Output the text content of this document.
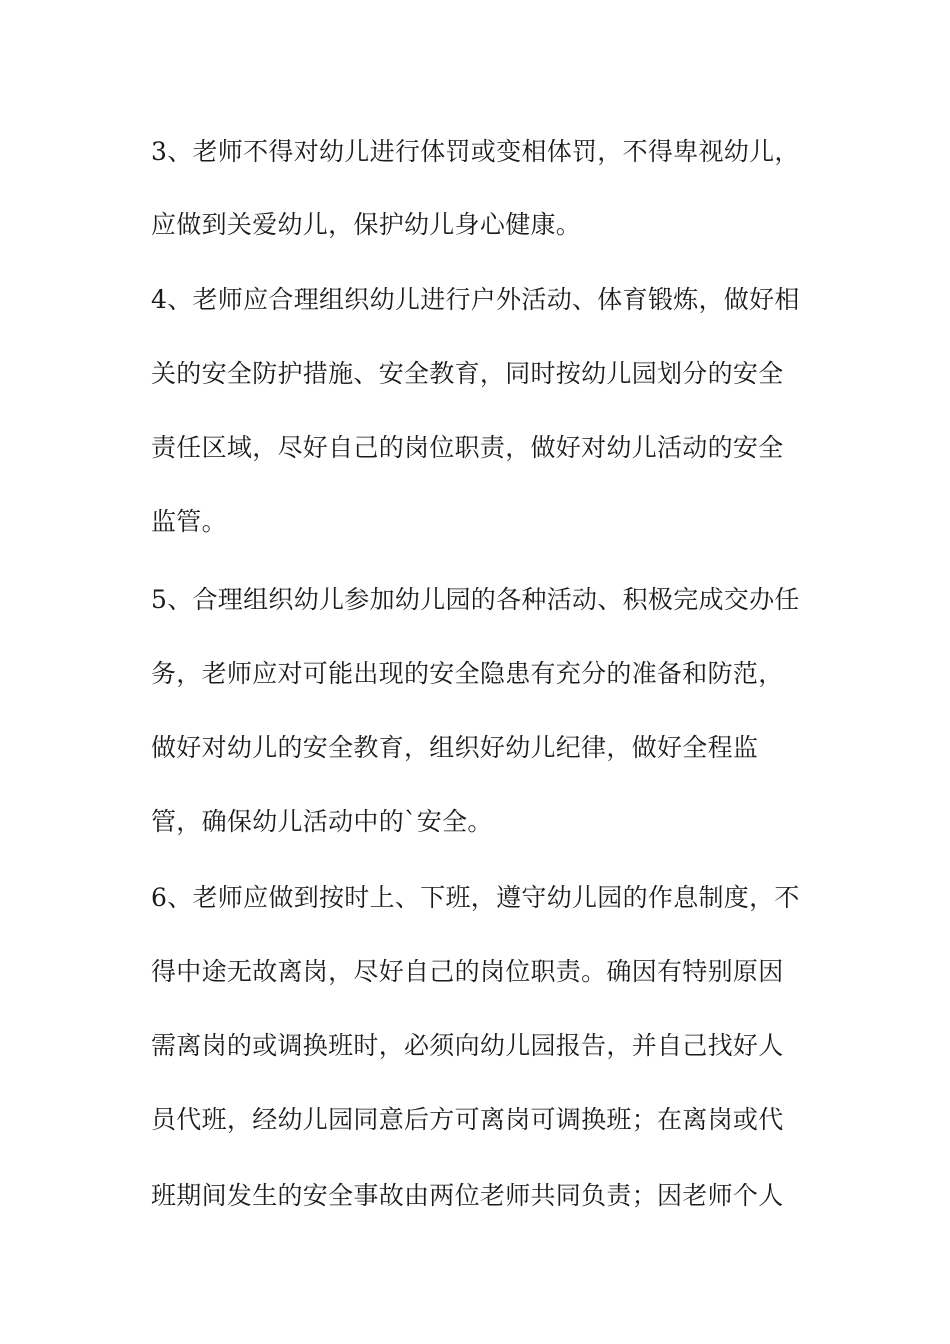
3、老师不得对幼儿进行体罚或变相体罚，不得卑视幼儿，

应做到关爱幼儿，保护幼儿身心健康。

4、老师应合理组织幼儿进行户外活动、体育锻炼，做好相

关的安全防护措施、安全教育，同时按幼儿园划分的安全

责任区域，尽好自己的岗位职责，做好对幼儿活动的安全

监管。

5、合理组织幼儿参加幼儿园的各种活动、积极完成交办任

务，老师应对可能出现的安全隐患有充分的准备和防范，

做好对幼儿的安全教育，组织好幼儿纪律，做好全程监

管，确保幼儿活动中的`安全。

6、老师应做到按时上、下班，遵守幼儿园的作息制度，不

得中途无故离岗，尽好自己的岗位职责。确因有特别原因

需离岗的或调换班时，必须向幼儿园报告，并自己找好人

员代班，经幼儿园同意后方可离岗可调换班；在离岗或代

班期间发生的安全事故由两位老师共同负责；因老师个人
